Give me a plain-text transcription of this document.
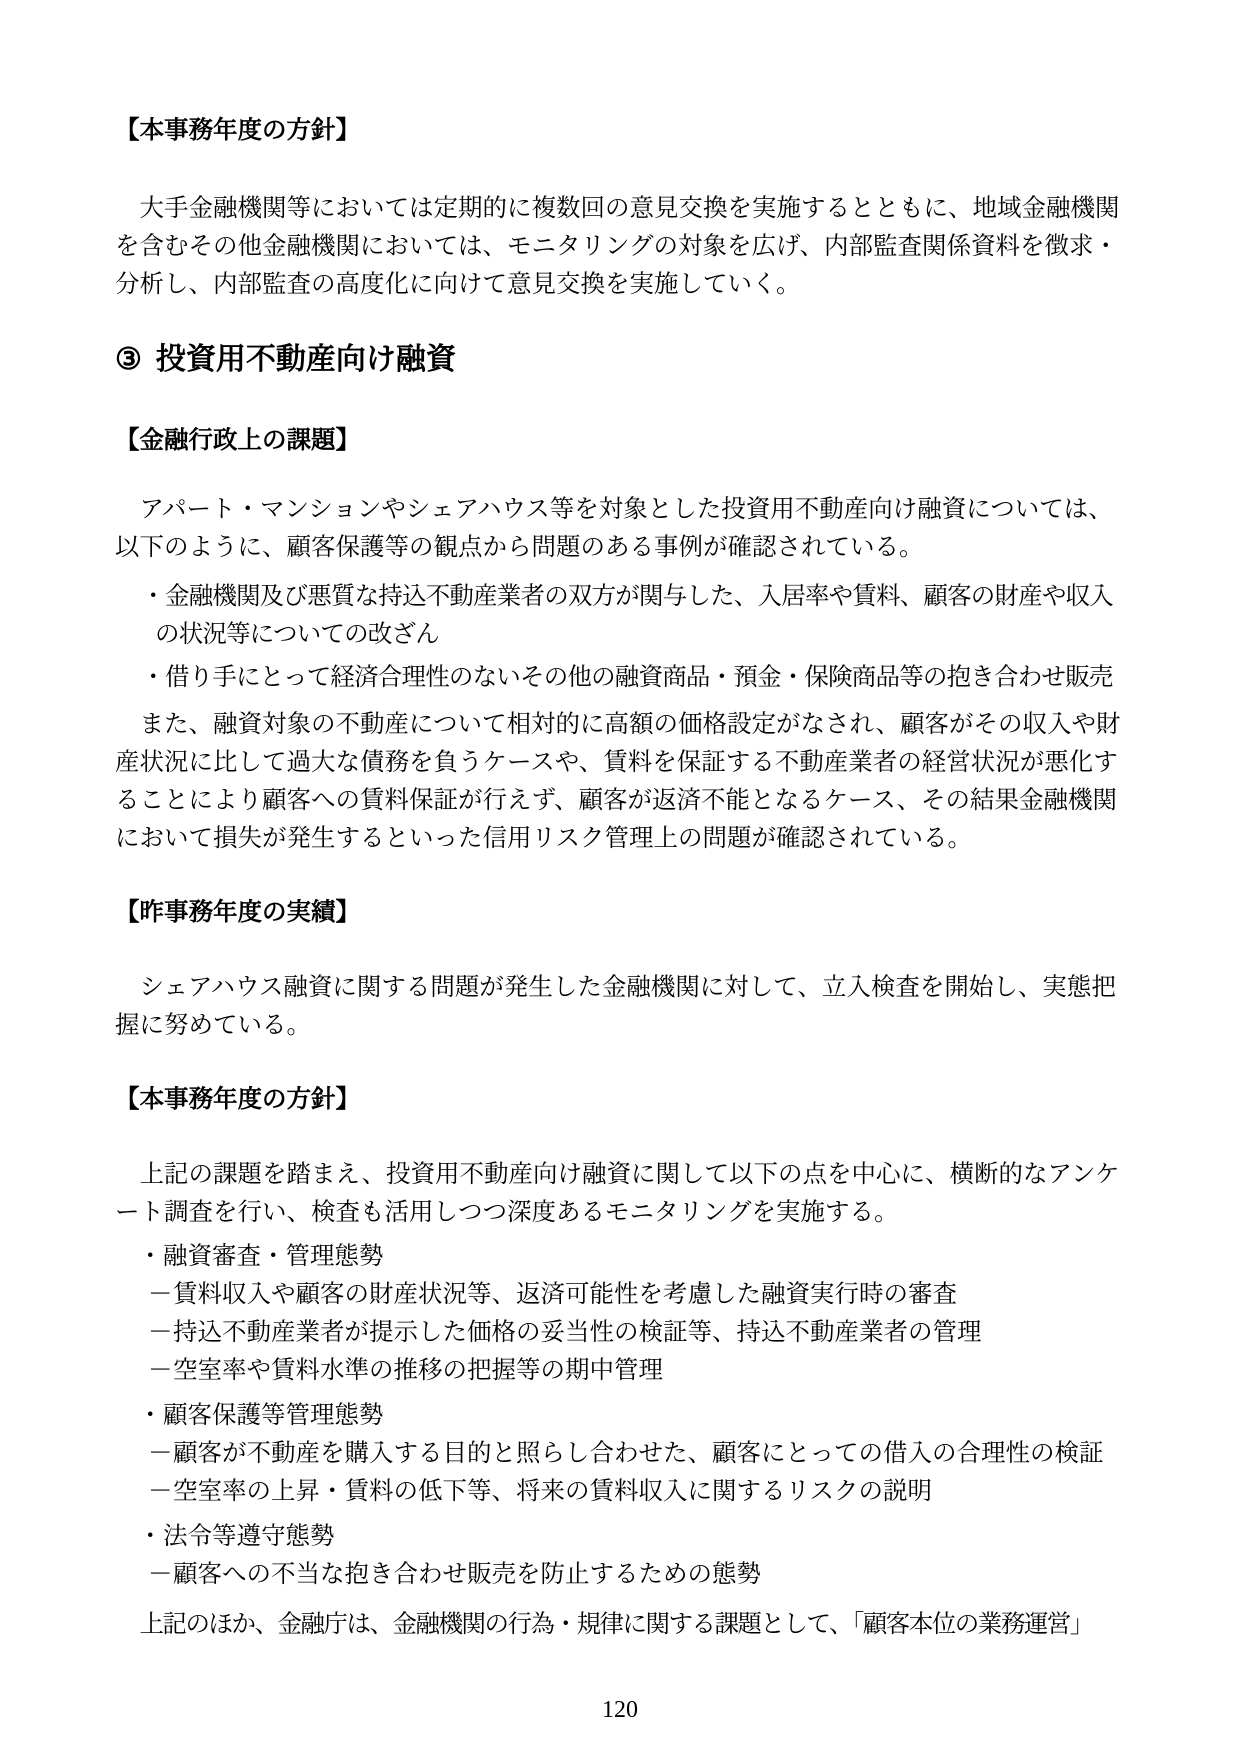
【本事務年度の方針】

大手金融機関等においては定期的に複数回の意見交換を実施するとともに、地域金融機関を含むその他金融機関においては、モニタリングの対象を広げ、内部監査関係資料を徴求・分析し、内部監査の高度化に向けて意見交換を実施していく。

③ 投資用不動産向け融資
【金融行政上の課題】

アパート・マンションやシェアハウス等を対象とした投資用不動産向け融資については、以下のように、顧客保護等の観点から問題のある事例が確認されている。

・ 金融機関及び悪質な持込不動産業者の双方が関与した、入居率や賃料、顧客の財産や収入の状況等についての改ざん
・ 借り手にとって経済合理性のないその他の融資商品・預金・保険商品等の抱き合わせ販売

また、融資対象の不動産について相対的に高額の価格設定がなされ、顧客がその収入や財産状況に比して過大な債務を負うケースや、賃料を保証する不動産業者の経営状況が悪化することにより顧客への賃料保証が行えず、顧客が返済不能となるケース、その結果金融機関において損失が発生するといった信用リスク管理上の問題が確認されている。

【昨事務年度の実績】

シェアハウス融資に関する問題が発生した金融機関に対して、立入検査を開始し、実態把握に努めている。

【本事務年度の方針】

上記の課題を踏まえ、投資用不動産向け融資に関して以下の点を中心に、横断的なアンケート調査を行い、検査も活用しつつ深度あるモニタリングを実施する。

・ 融資審査・管理態勢
－ 賃料収入や顧客の財産状況等、返済可能性を考慮した融資実行時の審査
－ 持込不動産業者が提示した価格の妥当性の検証等、持込不動産業者の管理
－ 空室率や賃料水準の推移の把握等の期中管理
・ 顧客保護等管理態勢
－ 顧客が不動産を購入する目的と照らし合わせた、顧客にとっての借入の合理性の検証
－ 空室率の上昇・賃料の低下等、将来の賃料収入に関するリスクの説明
・ 法令等遵守態勢
－ 顧客への不当な抱き合わせ販売を防止するための態勢

上記のほか、金融庁は、金融機関の行為・規律に関する課題として、「顧客本位の業務運営」

120
